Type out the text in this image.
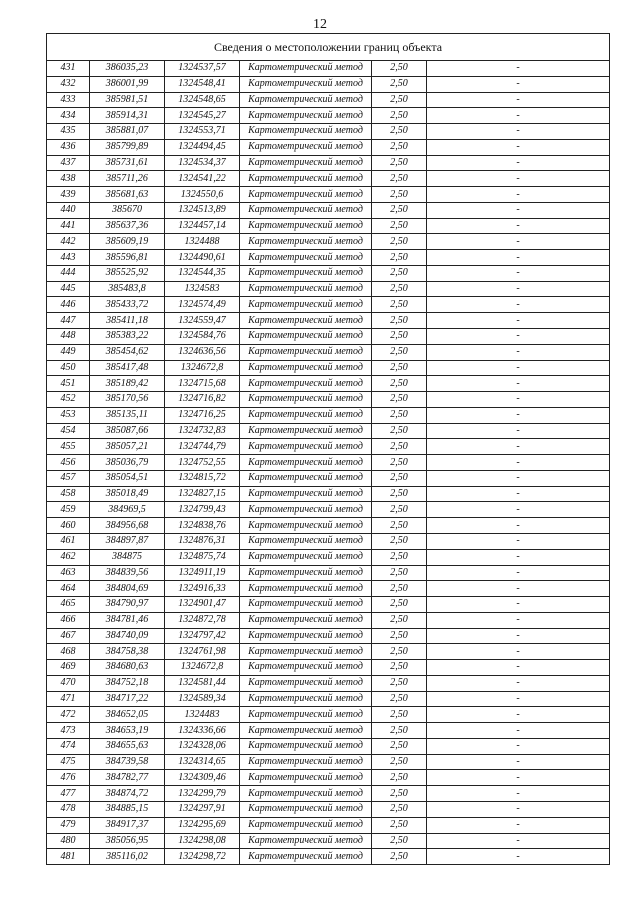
12
Сведения о местоположении границ объекта					
431	386035,23	1324537,57	Картометрический метод	2,50	-
432	386001,99	1324548,41	Картометрический метод	2,50	-
433	385981,51	1324548,65	Картометрический метод	2,50	-
434	385914,31	1324545,27	Картометрический метод	2,50	-
435	385881,07	1324553,71	Картометрический метод	2,50	-
436	385799,89	1324494,45	Картометрический метод	2,50	-
437	385731,61	1324534,37	Картометрический метод	2,50	-
438	385711,26	1324541,22	Картометрический метод	2,50	-
439	385681,63	1324550,6	Картометрический метод	2,50	-
440	385670	1324513,89	Картометрический метод	2,50	-
441	385637,36	1324457,14	Картометрический метод	2,50	-
442	385609,19	1324488	Картометрический метод	2,50	-
443	385596,81	1324490,61	Картометрический метод	2,50	-
444	385525,92	1324544,35	Картометрический метод	2,50	-
445	385483,8	1324583	Картометрический метод	2,50	-
446	385433,72	1324574,49	Картометрический метод	2,50	-
447	385411,18	1324559,47	Картометрический метод	2,50	-
448	385383,22	1324584,76	Картометрический метод	2,50	-
449	385454,62	1324636,56	Картометрический метод	2,50	-
450	385417,48	1324672,8	Картометрический метод	2,50	-
451	385189,42	1324715,68	Картометрический метод	2,50	-
452	385170,56	1324716,82	Картометрический метод	2,50	-
453	385135,11	1324716,25	Картометрический метод	2,50	-
454	385087,66	1324732,83	Картометрический метод	2,50	-
455	385057,21	1324744,79	Картометрический метод	2,50	-
456	385036,79	1324752,55	Картометрический метод	2,50	-
457	385054,51	1324815,72	Картометрический метод	2,50	-
458	385018,49	1324827,15	Картометрический метод	2,50	-
459	384969,5	1324799,43	Картометрический метод	2,50	-
460	384956,68	1324838,76	Картометрический метод	2,50	-
461	384897,87	1324876,31	Картометрический метод	2,50	-
462	384875	1324875,74	Картометрический метод	2,50	-
463	384839,56	1324911,19	Картометрический метод	2,50	-
464	384804,69	1324916,33	Картометрический метод	2,50	-
465	384790,97	1324901,47	Картометрический метод	2,50	-
466	384781,46	1324872,78	Картометрический метод	2,50	-
467	384740,09	1324797,42	Картометрический метод	2,50	-
468	384758,38	1324761,98	Картометрический метод	2,50	-
469	384680,63	1324672,8	Картометрический метод	2,50	-
470	384752,18	1324581,44	Картометрический метод	2,50	-
471	384717,22	1324589,34	Картометрический метод	2,50	-
472	384652,05	1324483	Картометрический метод	2,50	-
473	384653,19	1324336,66	Картометрический метод	2,50	-
474	384655,63	1324328,06	Картометрический метод	2,50	-
475	384739,58	1324314,65	Картометрический метод	2,50	-
476	384782,77	1324309,46	Картометрический метод	2,50	-
477	384874,72	1324299,79	Картометрический метод	2,50	-
478	384885,15	1324297,91	Картометрический метод	2,50	-
479	384917,37	1324295,69	Картометрический метод	2,50	-
480	385056,95	1324298,08	Картометрический метод	2,50	-
481	385116,02	1324298,72	Картометрический метод	2,50	-
